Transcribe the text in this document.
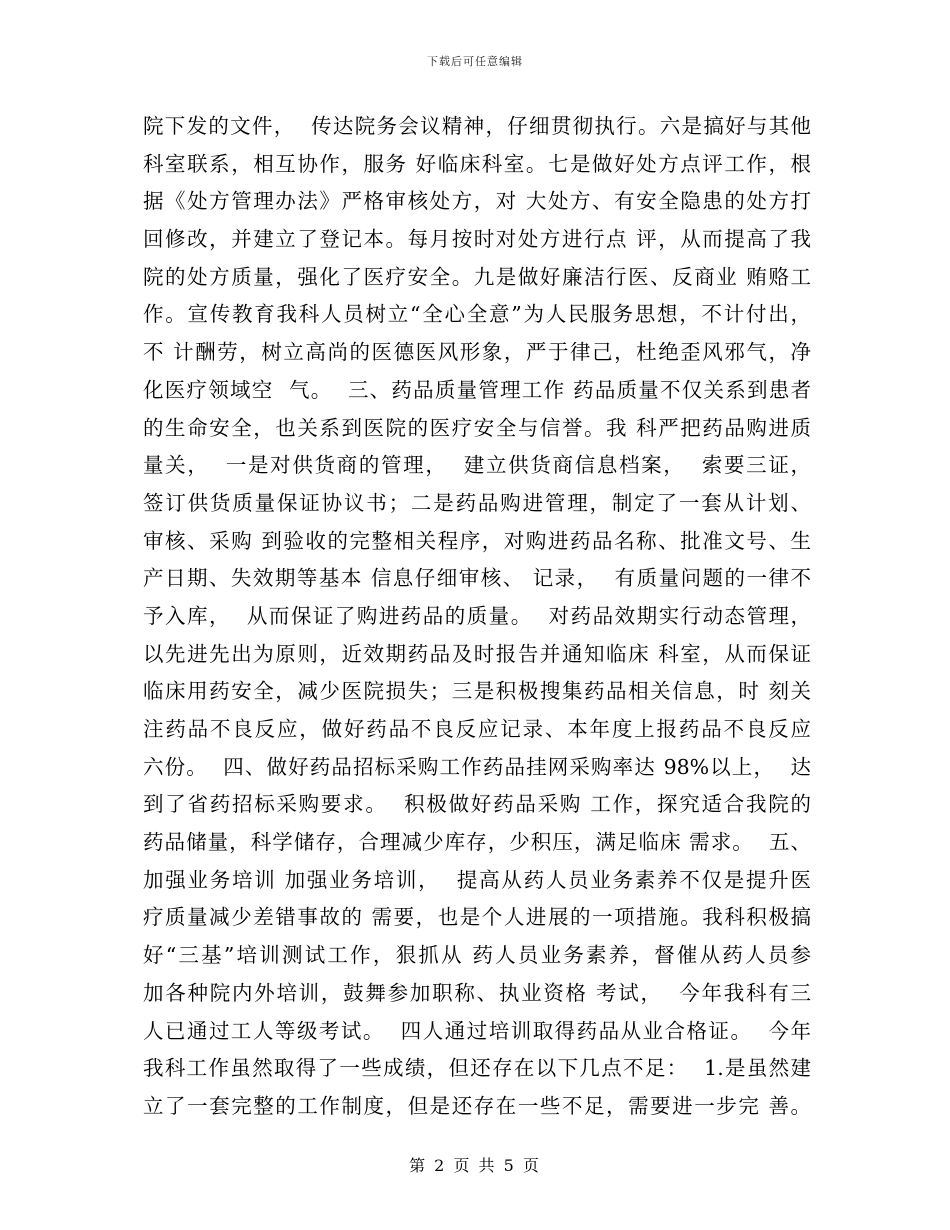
下载后可任意编辑
院下发的文件，  传达院务会议精神，仔细贯彻执行。六是搞好与其他
科室联系，相互协作，服务 好临床科室。七是做好处方点评工作，根
据《处方管理办法》严格审核处方，对 大处方、有安全隐患的处方打
回修改，并建立了登记本。每月按时对处方进行点 评，从而提高了我
院的处方质量，强化了医疗安全。九是做好廉洁行医、反商业 贿赂工
作。宣传教育我科人员树立“全心全意”为人民服务思想，不计付出，
不 计酬劳，树立高尚的医德医风形象，严于律己，杜绝歪风邪气，净
化医疗领域空  气。  三、药品质量管理工作 药品质量不仅关系到患者
的生命安全，也关系到医院的医疗安全与信誉。我 科严把药品购进质
量关，  一是对供货商的管理，  建立供货商信息档案，  索要三证，
签订供货质量保证协议书；二是药品购进管理，制定了一套从计划、
审核、采购 到验收的完整相关程序，对购进药品名称、批准文号、生
产日期、失效期等基本 信息仔细审核、 记录，  有质量问题的一律不
予入库，  从而保证了购进药品的质量。  对药品效期实行动态管理，
以先进先出为原则，近效期药品及时报告并通知临床 科室，从而保证
临床用药安全，减少医院损失；三是积极搜集药品相关信息，时 刻关
注药品不良反应，做好药品不良反应记录、本年度上报药品不良反应
六份。  四、做好药品招标采购工作药品挂网采购率达 98%以上，  达
到了省药招标采购要求。  积极做好药品采购 工作，探究适合我院的
药品储量，科学储存，合理减少库存，少积压，满足临床 需求。  五、
加强业务培训 加强业务培训，  提高从药人员业务素养不仅是提升医
疗质量减少差错事故的 需要，也是个人进展的一项措施。我科积极搞
好“三基”培训测试工作，狠抓从 药人员业务素养，督催从药人员参
加各种院内外培训，鼓舞参加职称、执业资格 考试，  今年我科有三
人已通过工人等级考试。  四人通过培训取得药品从业合格证。  今年
我科工作虽然取得了一些成绩，但还存在以下几点不足：  1.是虽然建
立了一套完整的工作制度，但是还存在一些不足，需要进一步完 善。
第 2 页 共 5 页
